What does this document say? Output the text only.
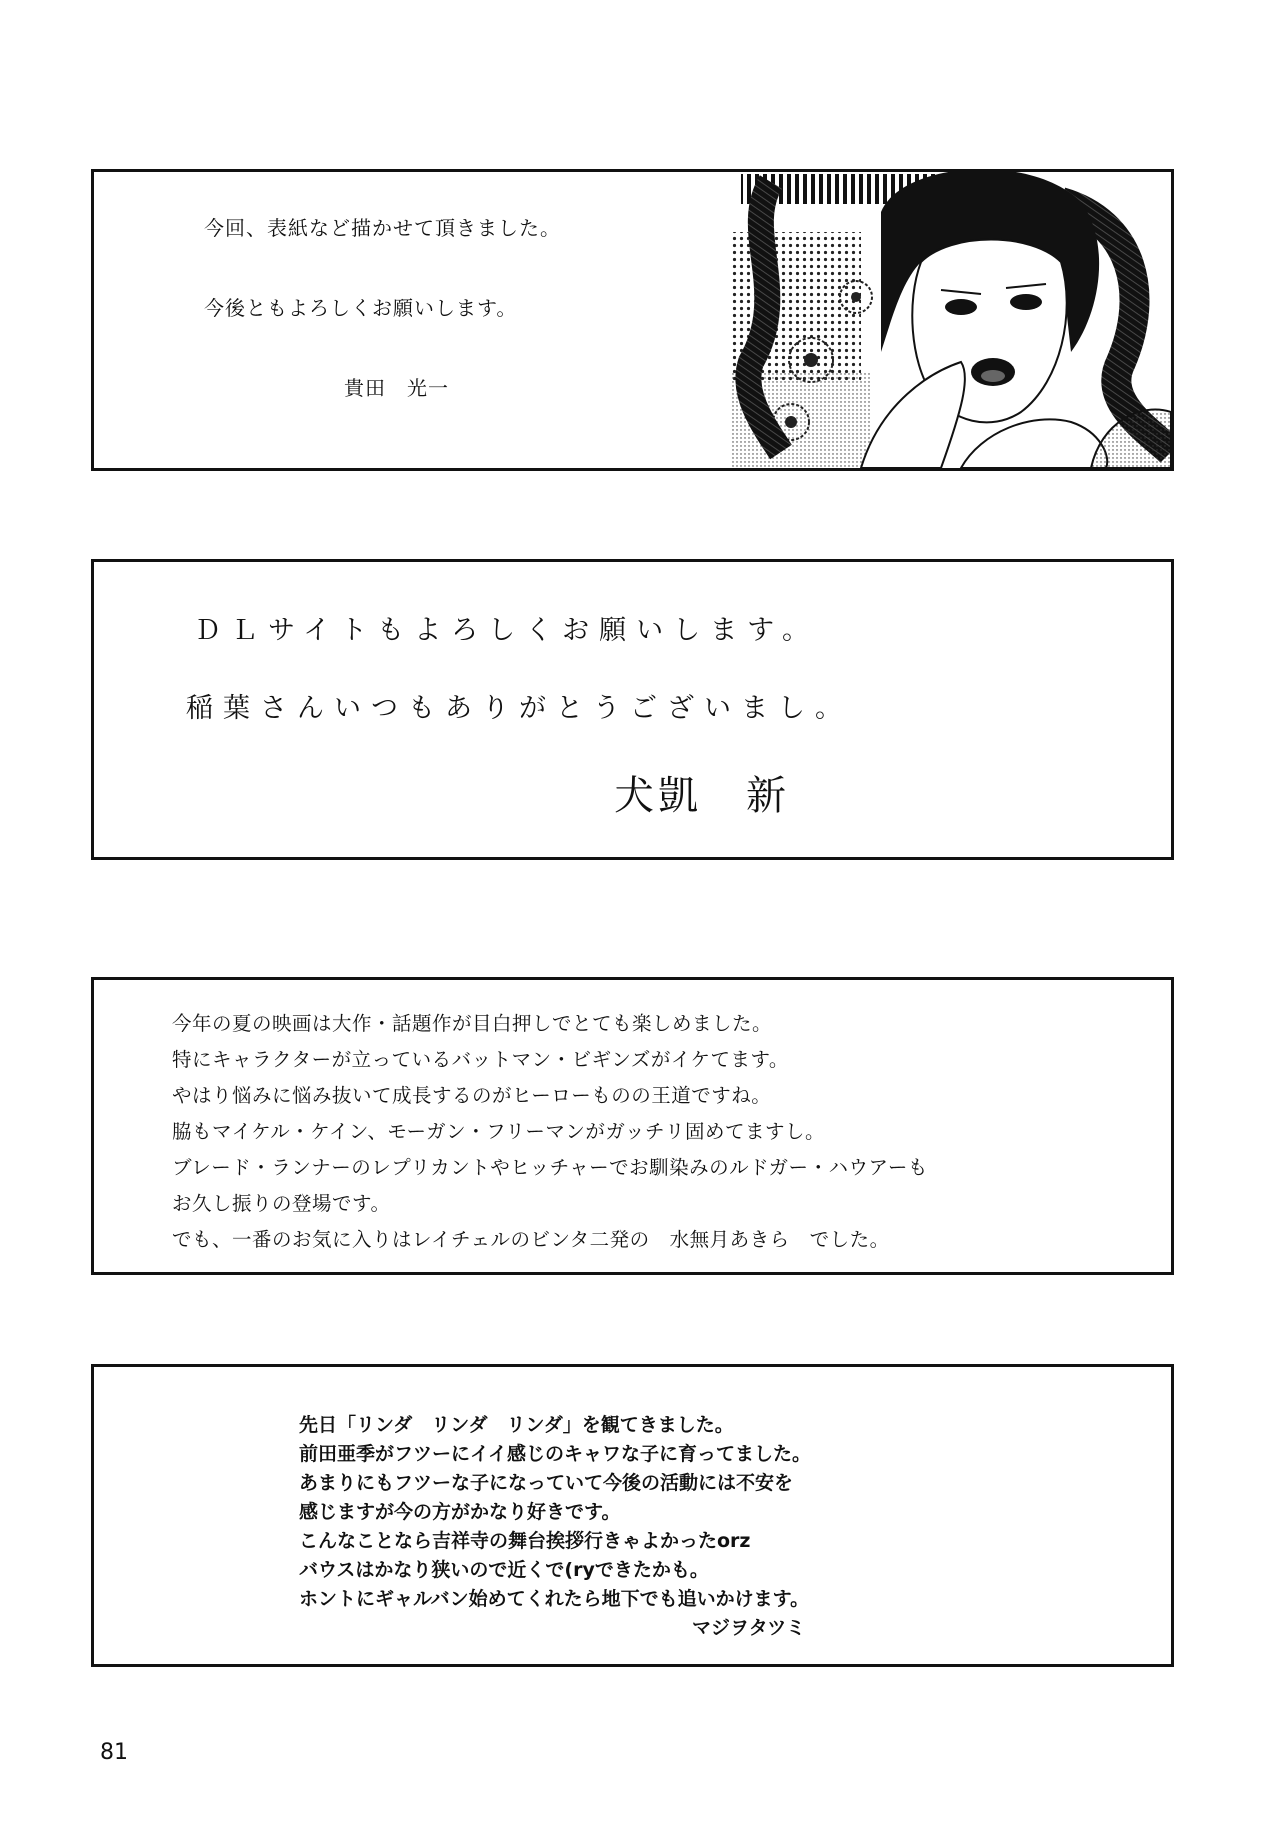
今回、表紙など描かせて頂きました。
今後ともよろしくお願いします。
貴田　光一
ＤＬサイトもよろしくお願いします。
稲葉さんいつもありがとうございまし。
犬凱　新
今年の夏の映画は大作・話題作が目白押しでとても楽しめました。
特にキャラクターが立っているバットマン・ビギンズがイケてます。
やはり悩みに悩み抜いて成長するのがヒーローものの王道ですね。
脇もマイケル・ケイン、モーガン・フリーマンがガッチリ固めてますし。
ブレード・ランナーのレプリカントやヒッチャーでお馴染みのルドガー・ハウアーも
お久し振りの登場です。
でも、一番のお気に入りはレイチェルのビンタ二発の　水無月あきら　でした。
先日「リンダ　リンダ　リンダ」を観てきました。
前田亜季がフツーにイイ感じのキャワな子に育ってました。
あまりにもフツーな子になっていて今後の活動には不安を
感じますが今の方がかなり好きです。
こんなことなら吉祥寺の舞台挨拶行きゃよかったorz
バウスはかなり狭いので近くで(ryできたかも。
ホントにギャルバン始めてくれたら地下でも追いかけます。
マジヲタツミ
81
